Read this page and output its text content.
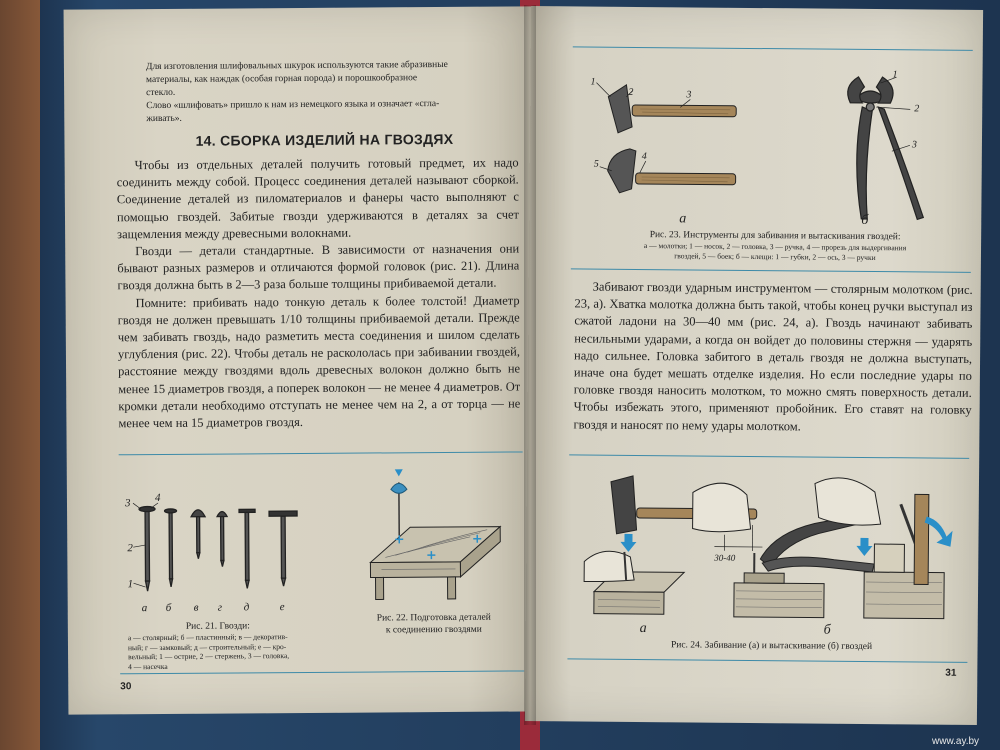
Для изготовления шлифовальных шкурок используются такие абразивные
материалы, как наждак (особая горная порода) и порошкообразное
стекло.
Слово «шлифовать» пришло к нам из немецкого языка и означает «сгла-
живать».
14. СБОРКА ИЗДЕЛИЙ НА ГВОЗДЯХ

Чтобы из отдельных деталей получить готовый предмет, их надо соединить между собой. Процесс соединения деталей называют сборкой. Соединение деталей из пиломатериалов и фанеры часто выполняют с помощью гвоздей. Забитые гвозди удерживаются в деталях за счет защемления между древесными волокнами.

Гвозди — детали стандартные. В зависимости от назначения они бывают разных размеров и отличаются формой головок (рис. 21). Длина гвоздя должна быть в 2—3 раза больше толщины прибиваемой детали.

Помните: прибивать надо тонкую деталь к более толстой! Диаметр гвоздя не должен превышать 1/10 толщины прибиваемой детали. Прежде чем забивать гвоздь, надо разметить места соединения и шилом сделать углубления (рис. 22). Чтобы деталь не раскололась при забивании гвоздей, расстояние между гвоздями вдоль древесных волокон должно быть не менее 15 диаметров гвоздя, а поперек волокон — не менее 4 диаметров. От кромки детали необходимо отступать не менее чем на 2, а от торца — не менее чем на 15 диаметров гвоздя.

а б в г д	е
1
2
3 4
Рис. 21. Гвозди:
а — столярный; б — пластинный; в — декоратив-
ный; г — замковый; д — строительный; е — кро-
вельный; 1 — острие, 2 — стержень, 3 — головка,
4 — насечка
Рис. 22. Подготовка деталей
к соединению гвоздями
30
1
2	3
4
5
1
2
3
а	б
Рис. 23. Инструменты для забивания и вытаскивания гвоздей:
а — молотки; 1 — носок, 2 — головка, 3 — ручка, 4 — прорезь для выдергивания
гвоздей, 5 — боек; б — клещи: 1 — губки, 2 — ось, 3 — ручки

Забивают гвозди ударным инструментом — столярным молотком (рис. 23, а). Хватка молотка должна быть такой, чтобы конец ручки выступал из сжатой ладони на 30—40 мм (рис. 24, а). Гвоздь начинают забивать несильными ударами, а когда он войдет до половины стержня — ударять надо сильнее. Головка забитого в деталь гвоздя не должна выступать, иначе она будет мешать отделке изделия. Но если последние удары по головке гвоздя наносить молотком, то можно смять поверхность детали. Чтобы избежать этого, применяют пробойник. Его ставят на головку гвоздя и наносят по нему удары молотком.

30-40
а	б
Рис. 24. Забивание (а) и вытаскивание (б) гвоздей
31
www.ay.by
